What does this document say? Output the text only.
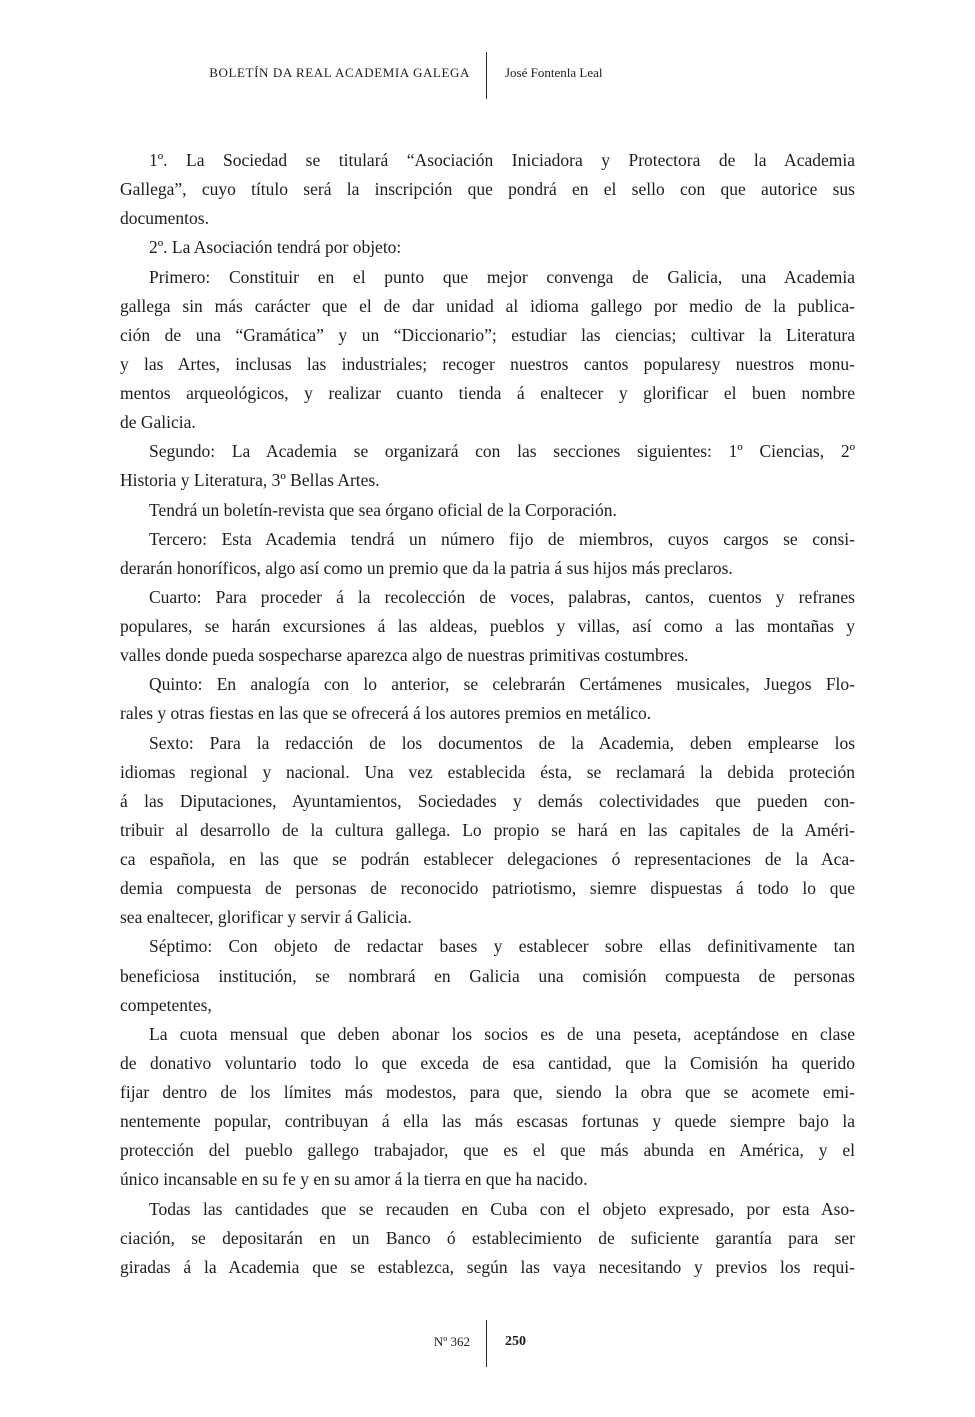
BOLETÍN DA REAL ACADEMIA GALEGA	José Fontenla Leal
1º. La Sociedad se titulará “Asociación Iniciadora y Protectora de la Academia
Gallega”, cuyo título será la inscripción que pondrá en el sello con que autorice sus
documentos.
2º. La Asociación tendrá por objeto:
Primero: Constituir en el punto que mejor convenga de Galicia, una Academia
gallega sin más carácter que el de dar unidad al idioma gallego por medio de la publica-
ción de una “Gramática” y un “Diccionario”; estudiar las ciencias; cultivar la Literatura
y las Artes, inclusas las industriales; recoger nuestros cantos popularesy nuestros monu-
mentos arqueológicos, y realizar cuanto tienda á enaltecer y glorificar el buen nombre
de Galicia.
Segundo: La Academia se organizará con las secciones siguientes: 1º Ciencias, 2º
Historia y Literatura, 3º Bellas Artes.
Tendrá un boletín-revista que sea órgano oficial de la Corporación.
Tercero: Esta Academia tendrá un número fijo de miembros, cuyos cargos se consi-
derarán honoríficos, algo así como un premio que da la patria á sus hijos más preclaros.
Cuarto: Para proceder á la recolección de voces, palabras, cantos, cuentos y refranes
populares, se harán excursiones á las aldeas, pueblos y villas, así como a las montañas y
valles donde pueda sospecharse aparezca algo de nuestras primitivas costumbres.
Quinto: En analogía con lo anterior, se celebrarán Certámenes musicales, Juegos Flo-
rales y otras fiestas en las que se ofrecerá á los autores premios en metálico.
Sexto: Para la redacción de los documentos de la Academia, deben emplearse los
idiomas regional y nacional. Una vez establecida ésta, se reclamará la debida proteción
á las Diputaciones, Ayuntamientos, Sociedades y demás colectividades que pueden con-
tribuir al desarrollo de la cultura gallega. Lo propio se hará en las capitales de la Améri-
ca española, en las que se podrán establecer delegaciones ó representaciones de la Aca-
demia compuesta de personas de reconocido patriotismo, siemre dispuestas á todo lo que
sea enaltecer, glorificar y servir á Galicia.
Séptimo: Con objeto de redactar bases y establecer sobre ellas definitivamente tan
beneficiosa institución, se nombrará en Galicia una comisión compuesta de personas
competentes,
La cuota mensual que deben abonar los socios es de una peseta, aceptándose en clase
de donativo voluntario todo lo que exceda de esa cantidad, que la Comisión ha querido
fijar dentro de los límites más modestos, para que, siendo la obra que se acomete emi-
nentemente popular, contribuyan á ella las más escasas fortunas y quede siempre bajo la
protección del pueblo gallego trabajador, que es el que más abunda en América, y el
único incansable en su fe y en su amor á la tierra en que ha nacido.
Todas las cantidades que se recauden en Cuba con el objeto expresado, por esta Aso-
ciación, se depositarán en un Banco ó establecimiento de suficiente garantía para ser
giradas á la Academia que se establezca, según las vaya necesitando y previos los requi-
Nº 362	250
